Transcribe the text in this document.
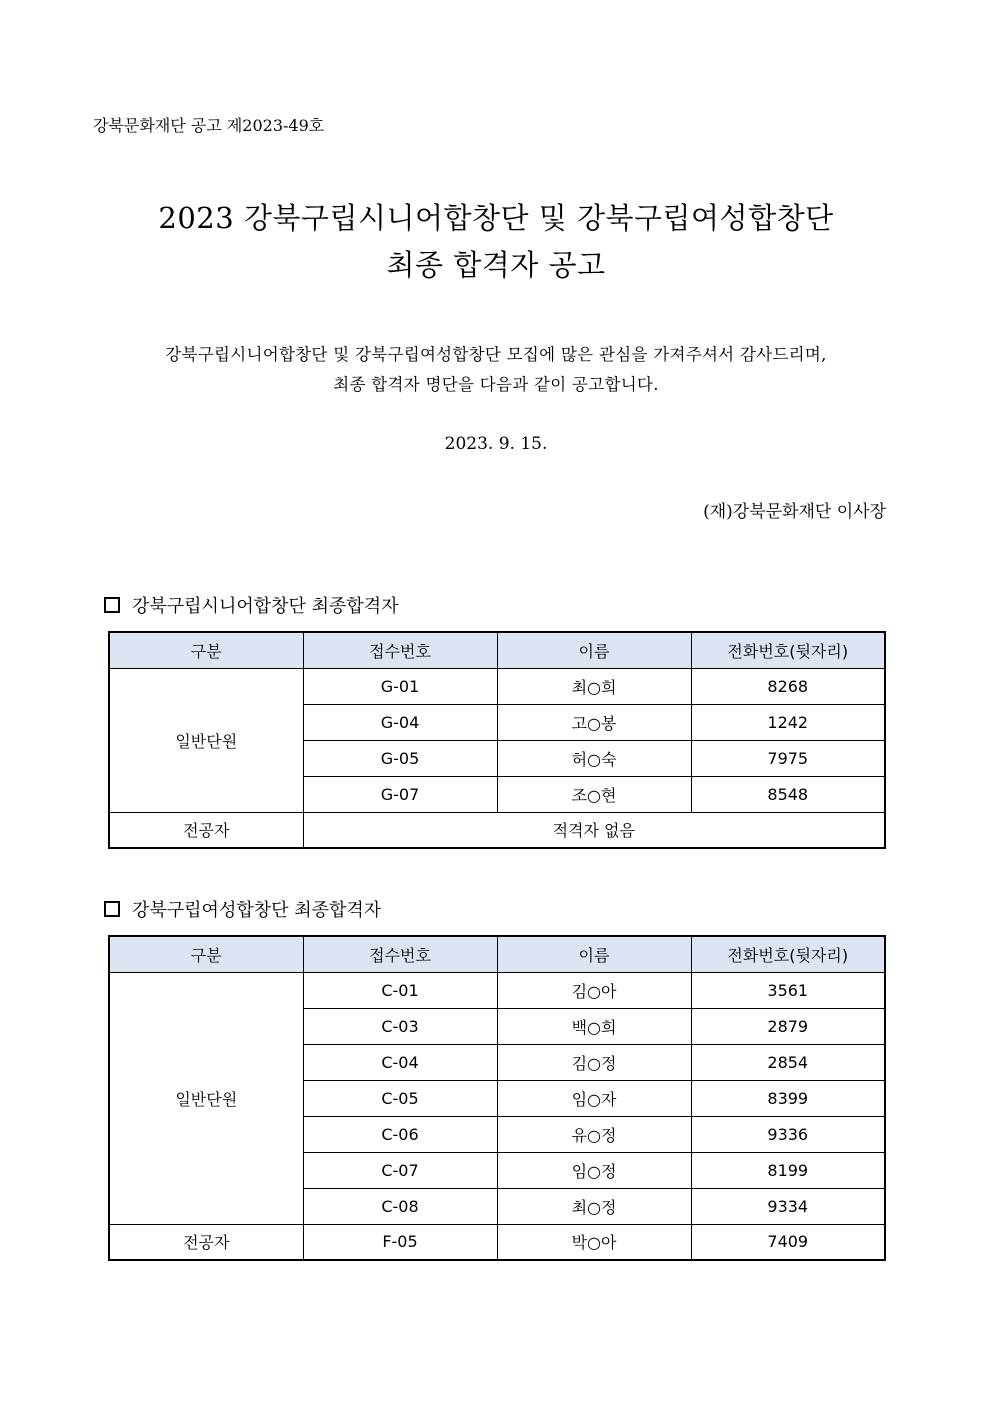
강북문화재단 공고 제2023-49호
2023 강북구립시니어합창단 및 강북구립여성합창단
최종 합격자 공고
강북구립시니어합창단 및 강북구립여성합창단 모집에 많은 관심을 가져주셔서 감사드리며,
최종 합격자 명단을 다음과 같이 공고합니다.
2023. 9. 15.
(재)강북문화재단 이사장
강북구립시니어합창단 최종합격자
구분	접수번호	이름	전화번호(뒷자리)
일반단원	G-01	최○희	8268
	G-04	고○봉	1242
	G-05	허○숙	7975
	G-07	조○현	8548
전공자	적격자 없음		
강북구립여성합창단 최종합격자
구분	접수번호	이름	전화번호(뒷자리)
일반단원	C-01	김○아	3561
	C-03	백○희	2879
	C-04	김○정	2854
	C-05	임○자	8399
	C-06	유○정	9336
	C-07	임○정	8199
	C-08	최○정	9334
전공자	F-05	박○아	7409
